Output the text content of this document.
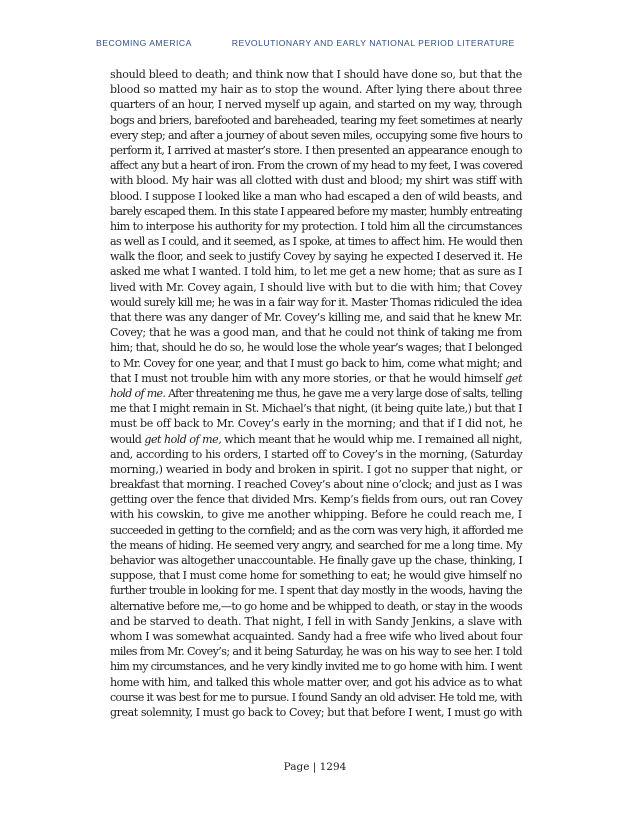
BECOMING AMERICA	REVOLUTIONARY AND EARLY NATIONAL PERIOD LITERATURE
should bleed to death; and think now that I should have done so, but that the
blood so matted my hair as to stop the wound. After lying there about three
quarters of an hour, I nerved myself up again, and started on my way, through
bogs and briers, barefooted and bareheaded, tearing my feet sometimes at nearly
every step; and after a journey of about seven miles, occupying some five hours to
perform it, I arrived at master’s store. I then presented an appearance enough to
affect any but a heart of iron. From the crown of my head to my feet, I was covered
with blood. My hair was all clotted with dust and blood; my shirt was stiff with
blood. I suppose I looked like a man who had escaped a den of wild beasts, and
barely escaped them. In this state I appeared before my master, humbly entreating
him to interpose his authority for my protection. I told him all the circumstances
as well as I could, and it seemed, as I spoke, at times to affect him. He would then
walk the floor, and seek to justify Covey by saying he expected I deserved it. He
asked me what I wanted. I told him, to let me get a new home; that as sure as I
lived with Mr. Covey again, I should live with but to die with him; that Covey
would surely kill me; he was in a fair way for it. Master Thomas ridiculed the idea
that there was any danger of Mr. Covey’s killing me, and said that he knew Mr.
Covey; that he was a good man, and that he could not think of taking me from
him; that, should he do so, he would lose the whole year’s wages; that I belonged
to Mr. Covey for one year, and that I must go back to him, come what might; and
that I must not trouble him with any more stories, or that he would himself get
hold of me. After threatening me thus, he gave me a very large dose of salts, telling
me that I might remain in St. Michael’s that night, (it being quite late,) but that I
must be off back to Mr. Covey’s early in the morning; and that if I did not, he
would get hold of me, which meant that he would whip me. I remained all night,
and, according to his orders, I started off to Covey’s in the morning, (Saturday
morning,) wearied in body and broken in spirit. I got no supper that night, or
breakfast that morning. I reached Covey’s about nine o’clock; and just as I was
getting over the fence that divided Mrs. Kemp’s fields from ours, out ran Covey
with his cowskin, to give me another whipping. Before he could reach me, I
succeeded in getting to the cornfield; and as the corn was very high, it afforded me
the means of hiding. He seemed very angry, and searched for me a long time. My
behavior was altogether unaccountable. He finally gave up the chase, thinking, I
suppose, that I must come home for something to eat; he would give himself no
further trouble in looking for me. I spent that day mostly in the woods, having the
alternative before me,—to go home and be whipped to death, or stay in the woods
and be starved to death. That night, I fell in with Sandy Jenkins, a slave with
whom I was somewhat acquainted. Sandy had a free wife who lived about four
miles from Mr. Covey’s; and it being Saturday, he was on his way to see her. I told
him my circumstances, and he very kindly invited me to go home with him. I went
home with him, and talked this whole matter over, and got his advice as to what
course it was best for me to pursue. I found Sandy an old adviser. He told me, with
great solemnity, I must go back to Covey; but that before I went, I must go with
Page | 1294
